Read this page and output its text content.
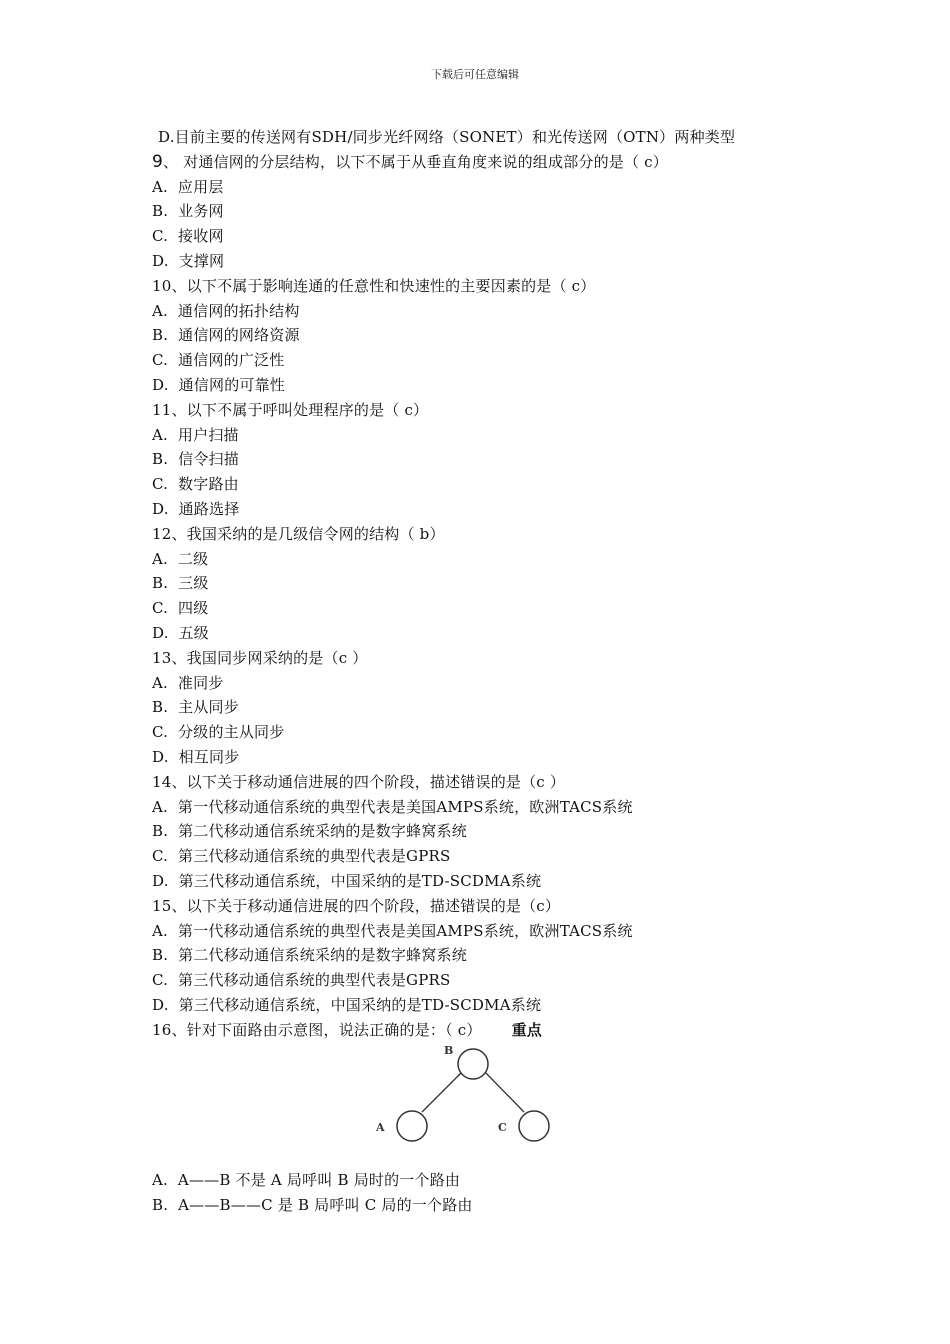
下载后可任意编辑
D.目前主要的传送网有SDH/同步光纤网络（SONET）和光传送网（OTN）两种类型
9、 对通信网的分层结构，以下不属于从垂直角度来说的组成部分的是（ c）
A.  应用层
B.  业务网
C.  接收网
D.  支撑网
10、以下不属于影响连通的任意性和快速性的主要因素的是（ c）
A.  通信网的拓扑结构
B.  通信网的网络资源
C.  通信网的广泛性
D.  通信网的可靠性
11、以下不属于呼叫处理程序的是（ c）
A.  用户扫描
B.  信令扫描
C.  数字路由
D.  通路选择
12、我国采纳的是几级信令网的结构（ b）
A.  二级
B.  三级
C.  四级
D.  五级
13、我国同步网采纳的是（c ）
A.  准同步
B.  主从同步
C.  分级的主从同步
D.  相互同步
14、以下关于移动通信进展的四个阶段，描述错误的是（c ）
A.  第一代移动通信系统的典型代表是美国AMPS系统，欧洲TACS系统
B.  第二代移动通信系统采纳的是数字蜂窝系统
C.  第三代移动通信系统的典型代表是GPRS
D.  第三代移动通信系统，中国采纳的是TD-SCDMA系统
15、以下关于移动通信进展的四个阶段，描述错误的是（c）
A.  第一代移动通信系统的典型代表是美国AMPS系统，欧洲TACS系统
B.  第二代移动通信系统采纳的是数字蜂窝系统
C.  第三代移动通信系统的典型代表是GPRS
D.  第三代移动通信系统，中国采纳的是TD-SCDMA系统
16、针对下面路由示意图，说法正确的是：（ c） 重点
B
A	C
A.  A——B 不是 A 局呼叫 B 局时的一个路由
B.  A——B——C 是 B 局呼叫 C 局的一个路由
